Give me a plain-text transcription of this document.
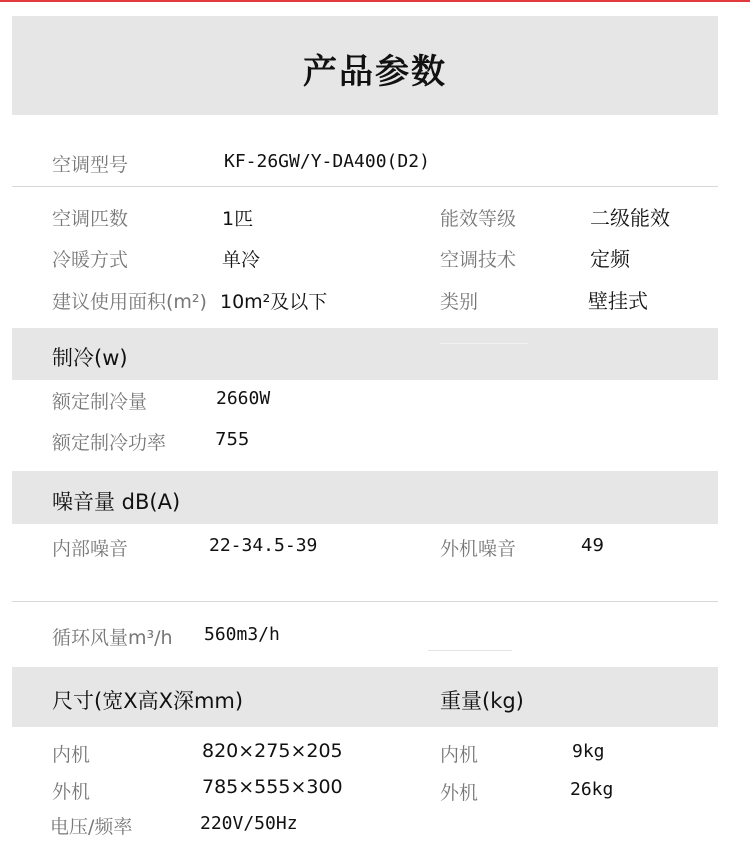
产品参数
空调型号	KF-26GW/Y-DA400(D2)
空调匹数	1匹	能效等级	二级能效
冷暖方式	单冷	空调技术	定频
建议使用面积(m²) 10m²及以下	类别	壁挂式
制冷(w)
额定制冷量	2660W
额定制冷功率	755
噪音量 dB(A)
内部噪音	22-34.5-39	外机噪音	49
循环风量m³/h 560m3/h
尺寸(宽X高X深mm)	重量(kg)
内机	820×275×205	内机	9kg
外机	785×555×300	外机	26kg
电压/频率	220V/50Hz
